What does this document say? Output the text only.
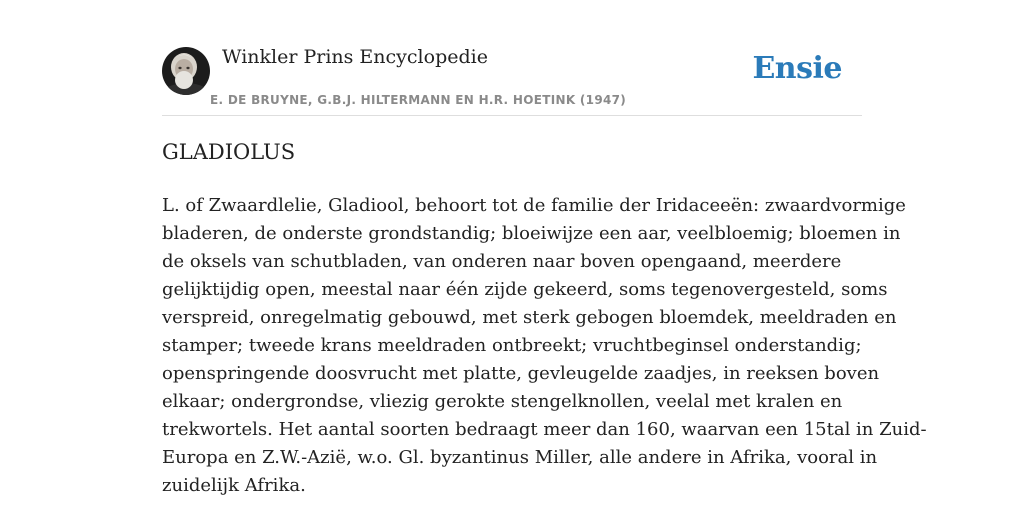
Winkler Prins Encyclopedie
E. DE BRUYNE, G.B.J. HILTERMANN EN H.R. HOETINK (1947)
Ensie
GLADIOLUS
L. of Zwaardlelie, Gladiool, behoort tot de familie der Iridaceeën: zwaardvormige
bladeren, de onderste grondstandig; bloeiwijze een aar, veelbloemig; bloemen in
de oksels van schutbladen, van onderen naar boven opengaand, meerdere
gelijktijdig open, meestal naar één zijde gekeerd, soms tegenovergesteld, soms
verspreid, onregelmatig gebouwd, met sterk gebogen bloemdek, meeldraden en
stamper; tweede krans meeldraden ontbreekt; vruchtbeginsel onderstandig;
openspringende doosvrucht met platte, gevleugelde zaadjes, in reeksen boven
elkaar; ondergrondse, vliezig gerokte stengelknollen, veelal met kralen en
trekwortels. Het aantal soorten bedraagt meer dan 160, waarvan een 15tal in Zuid-
Europa en Z.W.-Azië, w.o. Gl. byzantinus Miller, alle andere in Afrika, vooral in
zuidelijk Afrika.
